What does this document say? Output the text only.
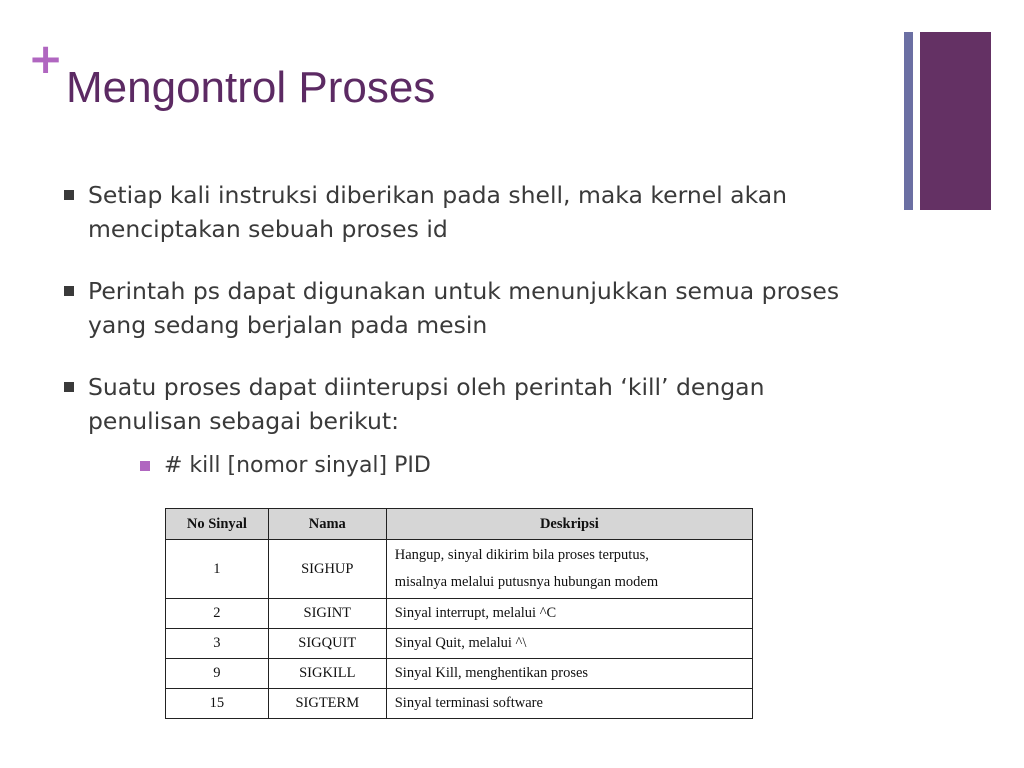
+
Mengontrol Proses
Setiap kali instruksi diberikan pada shell, maka kernel akan menciptakan sebuah proses id
Perintah ps dapat digunakan untuk menunjukkan semua proses yang sedang berjalan pada mesin
Suatu proses dapat diinterupsi oleh perintah ‘kill’ dengan penulisan sebagai berikut:
# kill [nomor sinyal] PID
No Sinyal	Nama	Deskripsi
1	SIGHUP	Hangup, sinyal dikirim bila proses terputus,
misalnya melalui putusnya hubungan modem

2	SIGINT	Sinyal interrupt, melalui ^C
3	SIGQUIT	Sinyal Quit, melalui ^\
9	SIGKILL	Sinyal Kill, menghentikan proses
15	SIGTERM	Sinyal terminasi software
